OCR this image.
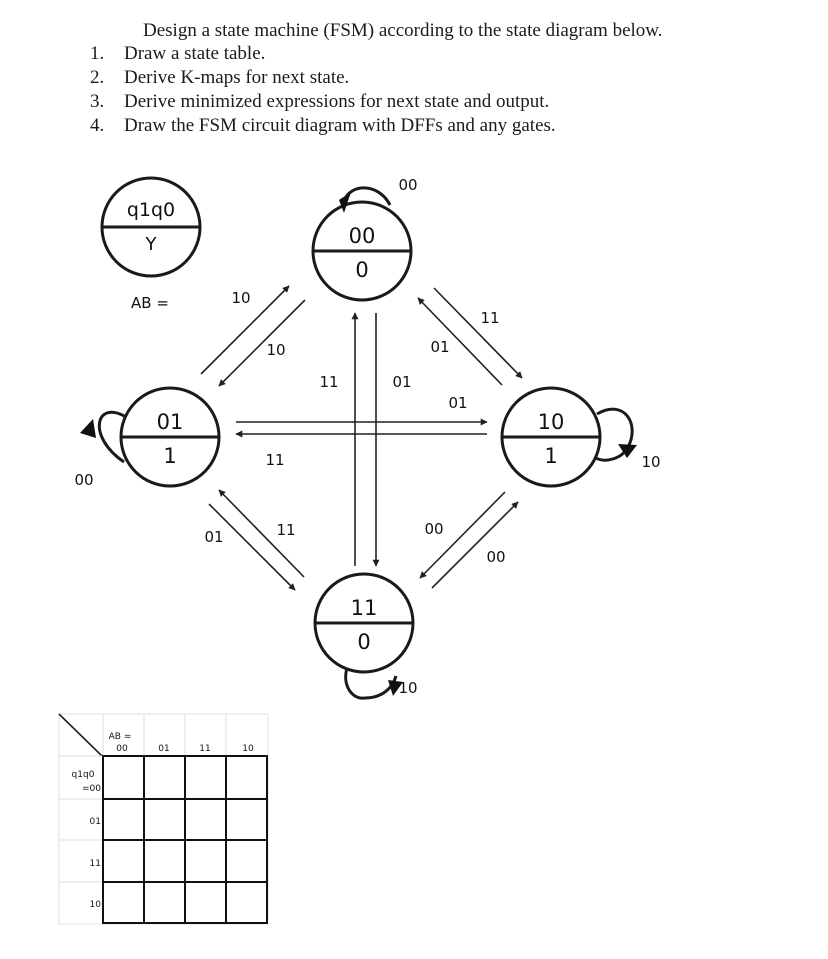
Design a state machine (FSM) according to the state diagram below.
1. Draw a state table.
2. Derive K-maps for next state.
3. Derive minimized expressions for next state and output.
4. Draw the FSM circuit diagram with DFFs and any gates.
q1q0
Y
AB =
00
0
01
1
10
1
11
0
00
00
10
10
10
10
11
01
01
11
11	01
01	11	00
00
AB =
q1q0
00	01	11	10
=00
01
11
10
